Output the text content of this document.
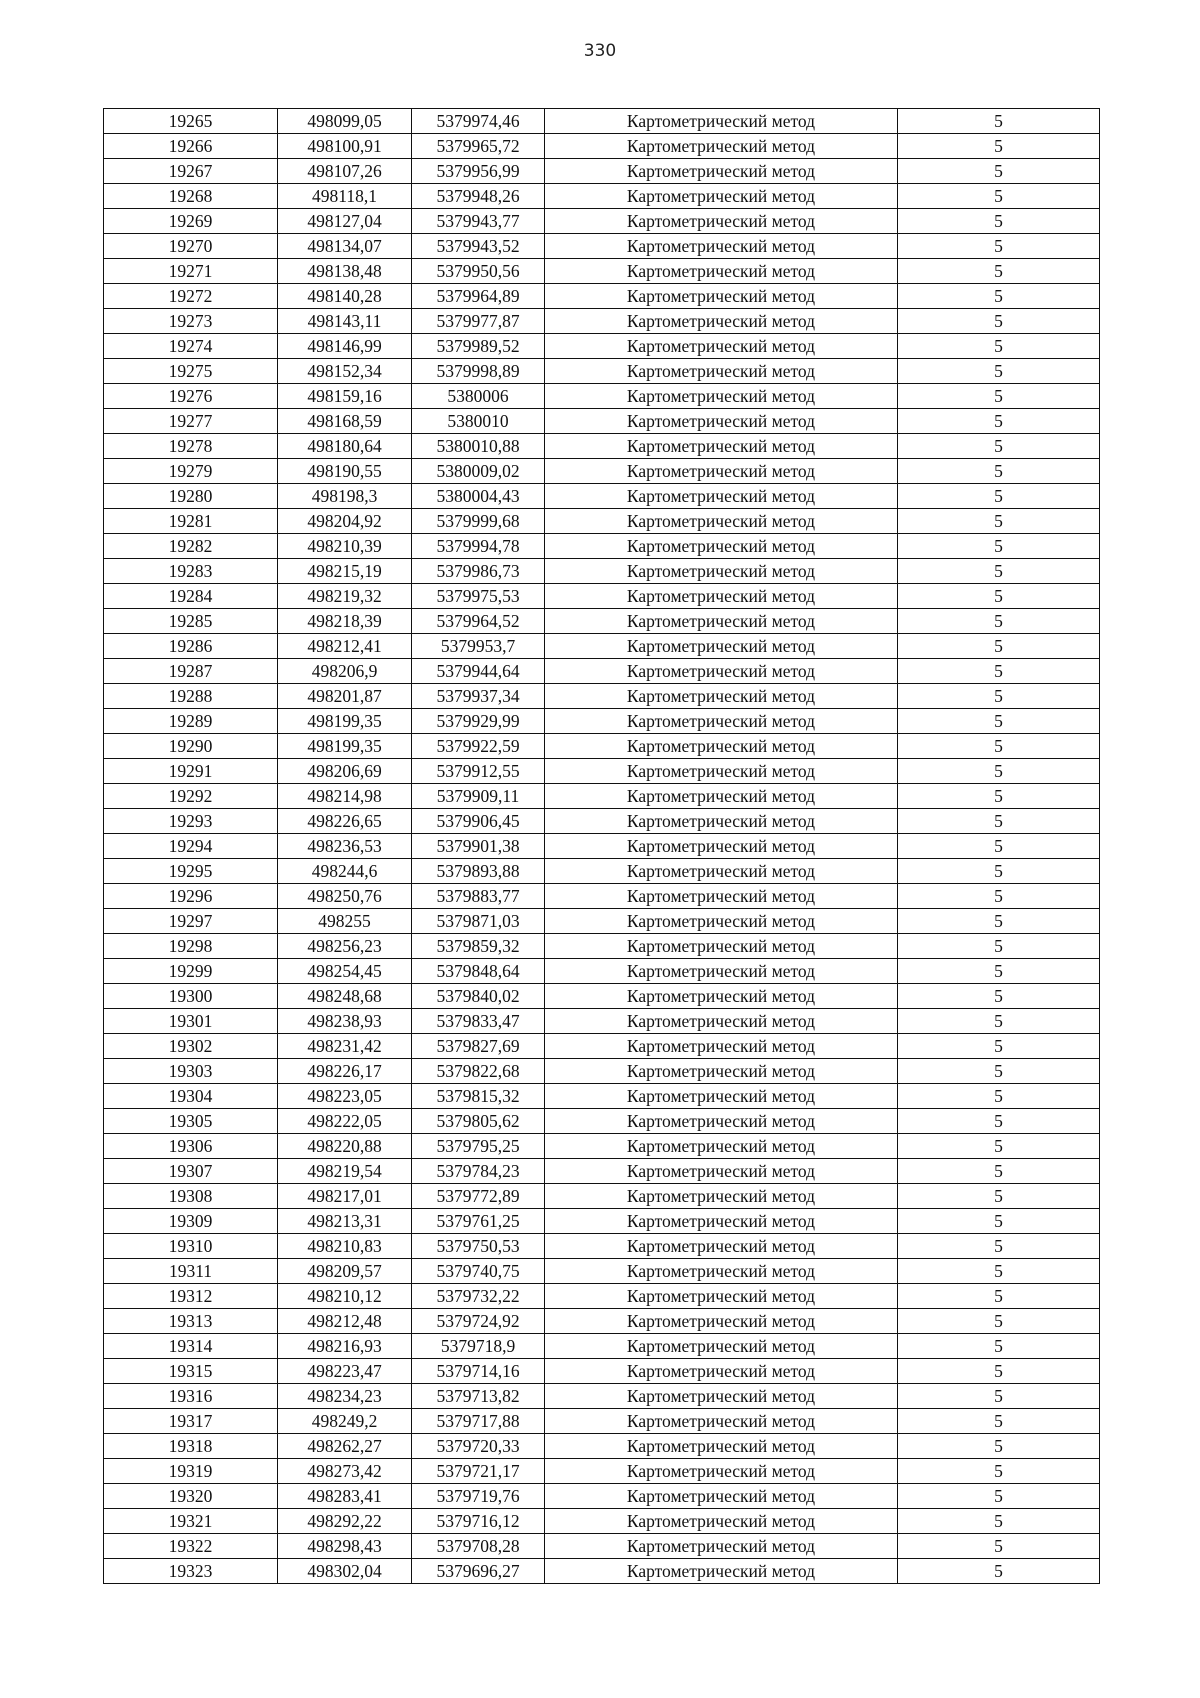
330
19265	498099,05	5379974,46	Картометрический метод	5
19266	498100,91	5379965,72	Картометрический метод	5
19267	498107,26	5379956,99	Картометрический метод	5
19268	498118,1	5379948,26	Картометрический метод	5
19269	498127,04	5379943,77	Картометрический метод	5
19270	498134,07	5379943,52	Картометрический метод	5
19271	498138,48	5379950,56	Картометрический метод	5
19272	498140,28	5379964,89	Картометрический метод	5
19273	498143,11	5379977,87	Картометрический метод	5
19274	498146,99	5379989,52	Картометрический метод	5
19275	498152,34	5379998,89	Картометрический метод	5
19276	498159,16	5380006	Картометрический метод	5
19277	498168,59	5380010	Картометрический метод	5
19278	498180,64	5380010,88	Картометрический метод	5
19279	498190,55	5380009,02	Картометрический метод	5
19280	498198,3	5380004,43	Картометрический метод	5
19281	498204,92	5379999,68	Картометрический метод	5
19282	498210,39	5379994,78	Картометрический метод	5
19283	498215,19	5379986,73	Картометрический метод	5
19284	498219,32	5379975,53	Картометрический метод	5
19285	498218,39	5379964,52	Картометрический метод	5
19286	498212,41	5379953,7	Картометрический метод	5
19287	498206,9	5379944,64	Картометрический метод	5
19288	498201,87	5379937,34	Картометрический метод	5
19289	498199,35	5379929,99	Картометрический метод	5
19290	498199,35	5379922,59	Картометрический метод	5
19291	498206,69	5379912,55	Картометрический метод	5
19292	498214,98	5379909,11	Картометрический метод	5
19293	498226,65	5379906,45	Картометрический метод	5
19294	498236,53	5379901,38	Картометрический метод	5
19295	498244,6	5379893,88	Картометрический метод	5
19296	498250,76	5379883,77	Картометрический метод	5
19297	498255	5379871,03	Картометрический метод	5
19298	498256,23	5379859,32	Картометрический метод	5
19299	498254,45	5379848,64	Картометрический метод	5
19300	498248,68	5379840,02	Картометрический метод	5
19301	498238,93	5379833,47	Картометрический метод	5
19302	498231,42	5379827,69	Картометрический метод	5
19303	498226,17	5379822,68	Картометрический метод	5
19304	498223,05	5379815,32	Картометрический метод	5
19305	498222,05	5379805,62	Картометрический метод	5
19306	498220,88	5379795,25	Картометрический метод	5
19307	498219,54	5379784,23	Картометрический метод	5
19308	498217,01	5379772,89	Картометрический метод	5
19309	498213,31	5379761,25	Картометрический метод	5
19310	498210,83	5379750,53	Картометрический метод	5
19311	498209,57	5379740,75	Картометрический метод	5
19312	498210,12	5379732,22	Картометрический метод	5
19313	498212,48	5379724,92	Картометрический метод	5
19314	498216,93	5379718,9	Картометрический метод	5
19315	498223,47	5379714,16	Картометрический метод	5
19316	498234,23	5379713,82	Картометрический метод	5
19317	498249,2	5379717,88	Картометрический метод	5
19318	498262,27	5379720,33	Картометрический метод	5
19319	498273,42	5379721,17	Картометрический метод	5
19320	498283,41	5379719,76	Картометрический метод	5
19321	498292,22	5379716,12	Картометрический метод	5
19322	498298,43	5379708,28	Картометрический метод	5
19323	498302,04	5379696,27	Картометрический метод	5
